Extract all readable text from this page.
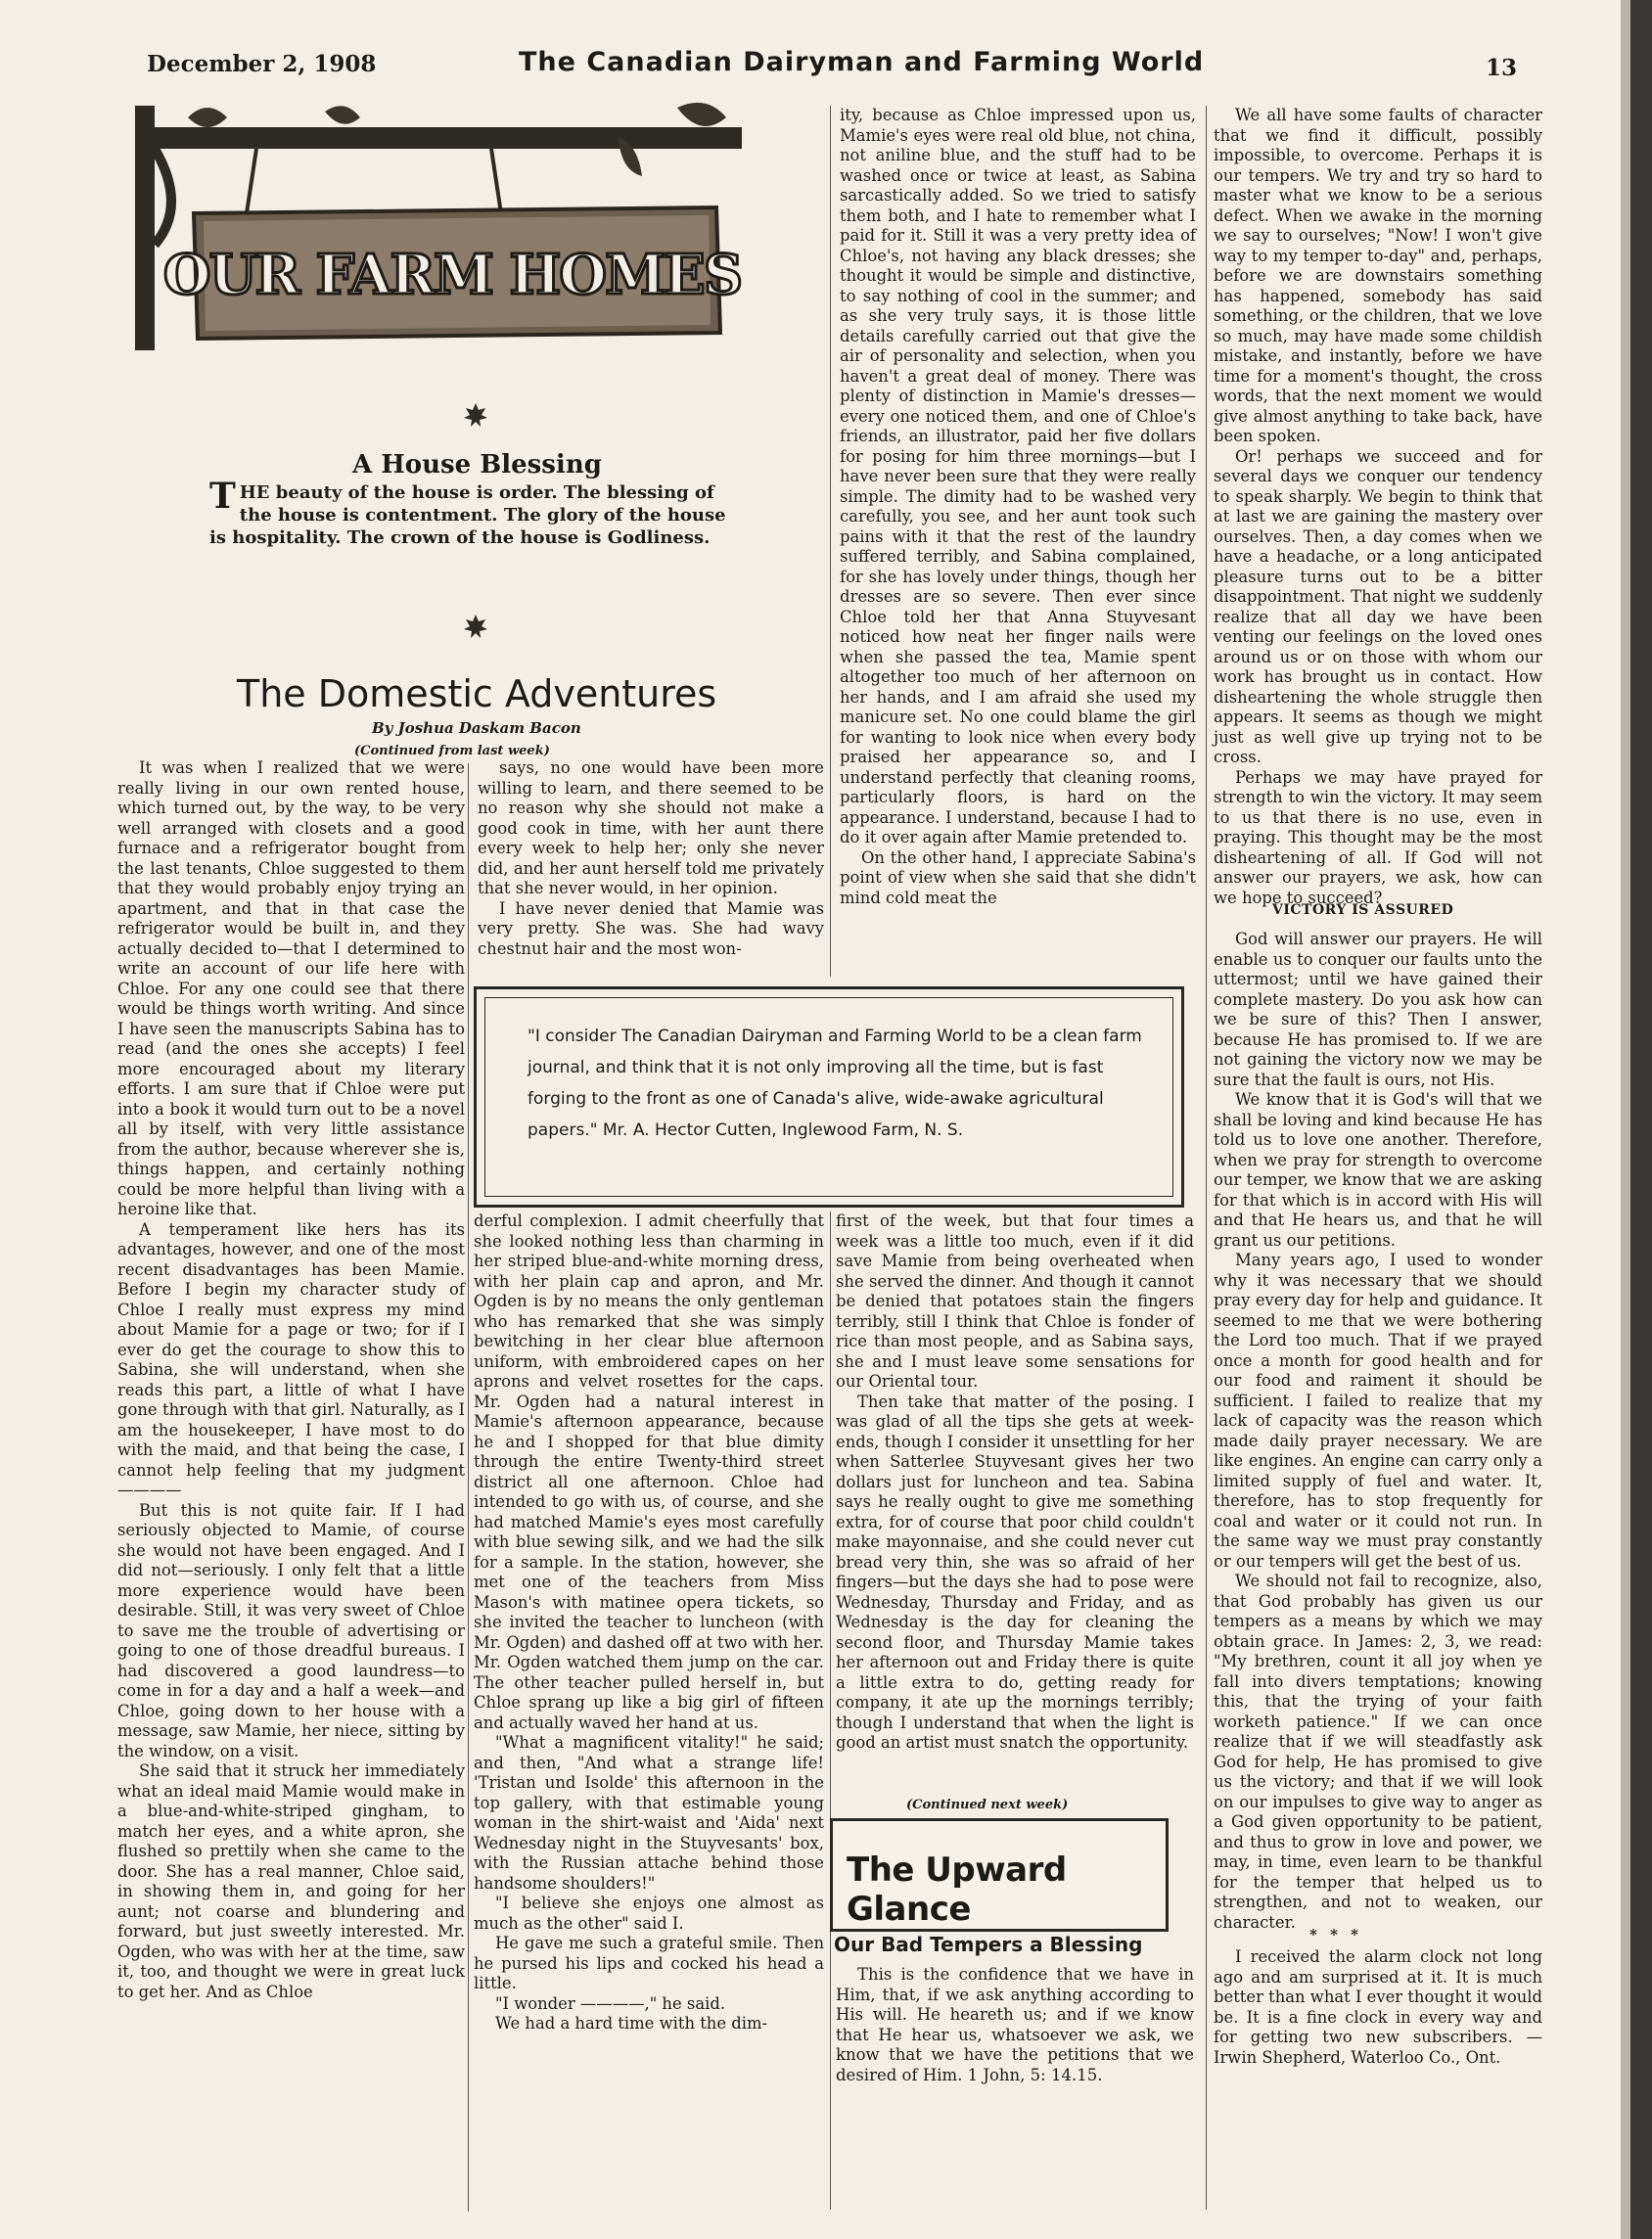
December 2, 1908	The Canadian Dairyman and Farming World	13
OUR FARM HOMES
A House Blessing
THE beauty of the house is order. The blessing of the house is contentment. The glory of the house is hospitality. The crown of the house is Godliness.
The Domestic Adventures
By Joshua Daskam Bacon
(Continued from last week)

It was when I realized that we were really living in our own rented house, which turned out, by the way, to be very well arranged with closets and a good furnace and a refrigerator bought from the last tenants, Chloe suggested to them that they would probably enjoy trying an apartment, and that in that case the refrigerator would be built in, and they actually decided to—that I determined to write an account of our life here with Chloe. For any one could see that there would be things worth writing. And since I have seen the manuscripts Sabina has to read (and the ones she accepts) I feel more encouraged about my literary efforts. I am sure that if Chloe were put into a book it would turn out to be a novel all by itself, with very little assistance from the author, because wherever she is, things happen, and certainly nothing could be more helpful than living with a heroine like that.

A temperament like hers has its advantages, however, and one of the most recent disadvantages has been Mamie. Before I begin my character study of Chloe I really must express my mind about Mamie for a page or two; for if I ever do get the courage to show this to Sabina, she will understand, when she reads this part, a little of what I have gone through with that girl. Naturally, as I am the housekeeper, I have most to do with the maid, and that being the case, I cannot help feeling that my judgment————

But this is not quite fair. If I had seriously objected to Mamie, of course she would not have been engaged. And I did not—seriously. I only felt that a little more experience would have been desirable. Still, it was very sweet of Chloe to save me the trouble of advertising or going to one of those dreadful bureaus. I had discovered a good laundress—to come in for a day and a half a week—and Chloe, going down to her house with a message, saw Mamie, her niece, sitting by the window, on a visit.

She said that it struck her immediately what an ideal maid Mamie would make in a blue-and-white-striped gingham, to match her eyes, and a white apron, she flushed so prettily when she came to the door. She has a real manner, Chloe said, in showing them in, and going for her aunt; not coarse and blundering and forward, but just sweetly interested. Mr. Ogden, who was with her at the time, saw it, too, and thought we were in great luck to get her. And as Chloe

says, no one would have been more willing to learn, and there seemed to be no reason why she should not make a good cook in time, with her aunt there every week to help her; only she never did, and her aunt herself told me privately that she never would, in her opinion.

I have never denied that Mamie was very pretty. She was. She had wavy chestnut hair and the most won-

ity, because as Chloe impressed upon us, Mamie's eyes were real old blue, not china, not aniline blue, and the stuff had to be washed once or twice at least, as Sabina sarcastically added. So we tried to satisfy them both, and I hate to remember what I paid for it. Still it was a very pretty idea of Chloe's, not having any black dresses; she thought it would be simple and distinctive, to say nothing of cool in the summer; and as she very truly says, it is those little details carefully carried out that give the air of personality and selection, when you haven't a great deal of money. There was plenty of distinction in Mamie's dresses—every one noticed them, and one of Chloe's friends, an illustrator, paid her five dollars for posing for him three mornings—but I have never been sure that they were really simple. The dimity had to be washed very carefully, you see, and her aunt took such pains with it that the rest of the laundry suffered terribly, and Sabina complained, for she has lovely under things, though her dresses are so severe. Then ever since Chloe told her that Anna Stuyvesant noticed how neat her finger nails were when she passed the tea, Mamie spent altogether too much of her afternoon on her hands, and I am afraid she used my manicure set. No one could blame the girl for wanting to look nice when every body praised her appearance so, and I understand perfectly that cleaning rooms, particularly floors, is hard on the appearance. I understand, because I had to do it over again after Mamie pretended to.

On the other hand, I appreciate Sabina's point of view when she said that she didn't mind cold meat the

"I consider The Canadian Dairyman and Farming World to be a clean farm journal, and think that it is not only improving all the time, but is fast forging to the front as one of Canada's alive, wide-awake agricultural papers." Mr. A. Hector Cutten, Inglewood Farm, N. S.

derful complexion. I admit cheerfully that she looked nothing less than charming in her striped blue-and-white morning dress, with her plain cap and apron, and Mr. Ogden is by no means the only gentleman who has remarked that she was simply bewitching in her clear blue afternoon uniform, with embroidered capes on her aprons and velvet rosettes for the caps. Mr. Ogden had a natural interest in Mamie's afternoon appearance, because he and I shopped for that blue dimity through the entire Twenty-third street district all one afternoon. Chloe had intended to go with us, of course, and she had matched Mamie's eyes most carefully with blue sewing silk, and we had the silk for a sample. In the station, however, she met one of the teachers from Miss Mason's with matinee opera tickets, so she invited the teacher to luncheon (with Mr. Ogden) and dashed off at two with her. Mr. Ogden watched them jump on the car. The other teacher pulled herself in, but Chloe sprang up like a big girl of fifteen and actually waved her hand at us.

"What a magnificent vitality!" he said; and then, "And what a strange life! 'Tristan und Isolde' this afternoon in the top gallery, with that estimable young woman in the shirt-waist and 'Aida' next Wednesday night in the Stuyvesants' box, with the Russian attache behind those handsome shoulders!"

"I believe she enjoys one almost as much as the other" said I.

He gave me such a grateful smile. Then he pursed his lips and cocked his head a little.

"I wonder ————," he said.

We had a hard time with the dim-

first of the week, but that four times a week was a little too much, even if it did save Mamie from being overheated when she served the dinner. And though it cannot be denied that potatoes stain the fingers terribly, still I think that Chloe is fonder of rice than most people, and as Sabina says, she and I must leave some sensations for our Oriental tour.

Then take that matter of the posing. I was glad of all the tips she gets at week-ends, though I consider it unsettling for her when Satterlee Stuyvesant gives her two dollars just for luncheon and tea. Sabina says he really ought to give me something extra, for of course that poor child couldn't make mayonnaise, and she could never cut bread very thin, she was so afraid of her fingers—but the days she had to pose were Wednesday, Thursday and Friday, and as Wednesday is the day for cleaning the second floor, and Thursday Mamie takes her afternoon out and Friday there is quite a little extra to do, getting ready for company, it ate up the mornings terribly; though I understand that when the light is good an artist must snatch the opportunity.

(Continued next week)
The Upward Glance
Our Bad Tempers a Blessing

This is the confidence that we have in Him, that, if we ask anything according to His will. He heareth us; and if we know that He hear us, whatsoever we ask, we know that we have the petitions that we desired of Him. 1 John, 5: 14.15.

We all have some faults of character that we find it difficult, possibly impossible, to overcome. Perhaps it is our tempers. We try and try so hard to master what we know to be a serious defect. When we awake in the morning we say to ourselves; "Now! I won't give way to my temper to-day" and, perhaps, before we are downstairs something has happened, somebody has said something, or the children, that we love so much, may have made some childish mistake, and instantly, before we have time for a moment's thought, the cross words, that the next moment we would give almost anything to take back, have been spoken.

Or! perhaps we succeed and for several days we conquer our tendency to speak sharply. We begin to think that at last we are gaining the mastery over ourselves. Then, a day comes when we have a headache, or a long anticipated pleasure turns out to be a bitter disappointment. That night we suddenly realize that all day we have been venting our feelings on the loved ones around us or on those with whom our work has brought us in contact. How disheartening the whole struggle then appears. It seems as though we might just as well give up trying not to be cross.

Perhaps we may have prayed for strength to win the victory. It may seem to us that there is no use, even in praying. This thought may be the most disheartening of all. If God will not answer our prayers, we ask, how can we hope to succeed?

VICTORY IS ASSURED

God will answer our prayers. He will enable us to conquer our faults unto the uttermost; until we have gained their complete mastery. Do you ask how can we be sure of this? Then I answer, because He has promised to. If we are not gaining the victory now we may be sure that the fault is ours, not His.

We know that it is God's will that we shall be loving and kind because He has told us to love one another. Therefore, when we pray for strength to overcome our temper, we know that we are asking for that which is in accord with His will and that He hears us, and that he will grant us our petitions.

Many years ago, I used to wonder why it was necessary that we should pray every day for help and guidance. It seemed to me that we were bothering the Lord too much. That if we prayed once a month for good health and for our food and raiment it should be sufficient. I failed to realize that my lack of capacity was the reason which made daily prayer necessary. We are like engines. An engine can carry only a limited supply of fuel and water. It, therefore, has to stop frequently for coal and water or it could not run. In the same way we must pray constantly or our tempers will get the best of us.

We should not fail to recognize, also, that God probably has given us our tempers as a means by which we may obtain grace. In James: 2, 3, we read: "My brethren, count it all joy when ye fall into divers temptations; knowing this, that the trying of your faith worketh patience." If we can once realize that if we will steadfastly ask God for help, He has promised to give us the victory; and that if we will look on our impulses to give way to anger as a God given opportunity to be patient, and thus to grow in love and power, we may, in time, even learn to be thankful for the temper that helped us to strengthen, and not to weaken, our character.

* * *

I received the alarm clock not long ago and am surprised at it. It is much better than what I ever thought it would be. It is a fine clock in every way and for getting two new subscribers. —Irwin Shepherd, Waterloo Co., Ont.
